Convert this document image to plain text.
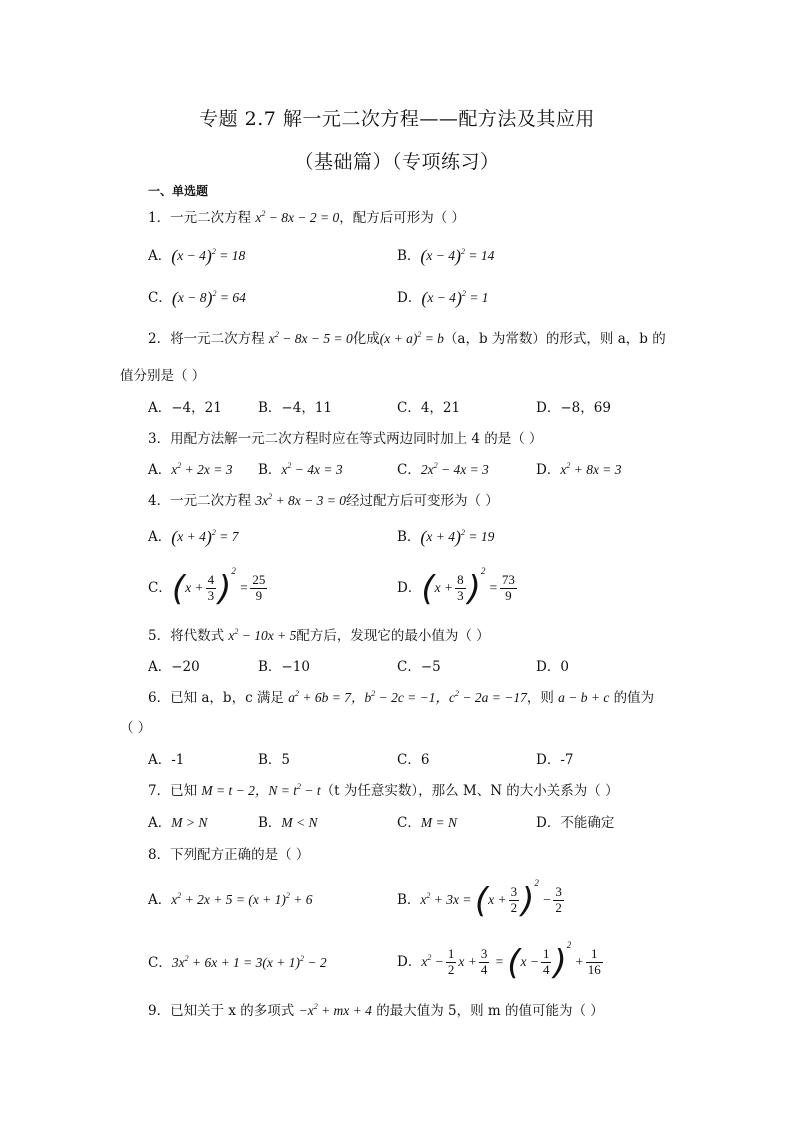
专题 2.7 解一元二次方程——配方法及其应用
（基础篇）（专项练习）
一、单选题
1．一元二次方程 $x^2 - 8x - 2 = 0$，配方后可形为（ ）
A．$(x - 4)^2 = 18$	B．$(x - 4)^2 = 14$
C．$(x - 8)^2 = 64$	D．$(x - 4)^2 = 1$
2．将一元二次方程 $x^2 - 8x - 5 = 0$化成$(x + a)^2 = b(a$，b 为常数）的形式，则 a，b 的
值分别是（ ）
A．−4，21	B．−4，11	C．4，21	D．−8，69
3．用配方法解一元二次方程时应在等式两边同时加上 4 的是（ ）
A．$x^2 + 2x = 3$ B．$x^2 - 4x = 3$	C．$2x^2 - 4x = 3$	D．$x^2 + 8x = 3$
4．一元二次方程 $3x^2 + 8x - 3 = 0$经过配方后可变形为（ ）
A．$(x + 4)^2 = 7$	B．$(x + 4)^2 = 19$
C．$(x + \frac{4}{3} )^2 = \frac{25}{9}$	D．$(x + \frac{8}{3} )^2 = \frac{73}{9}$
5．将代数式 $x^2 - 10x + 5$配方后，发现它的最小值为（ ）
A．−20	B．−10	C．−5	D．0
6．已知 a，b，c 满足 $a^2 + 6b = 7$，$b^2 - 2c = -1$，$c^2 - 2a = -17$，则 a − b + c 的值为
（ ）
A．-1	B．5	C．6	D．-7
7．已知 M = t − 2，$N = t^2 - t(t$ 为任意实数），那么 M、N 的大小关系为（ ）
A．M > N	B．M < N	C．M = N	D．不能确定
8．下列配方正确的是（ ）
A．$x^2 + 2x + 5 = (x + 1)^2 + 6$	B．$x^2 + 3x = (x + \frac{3}{2} )^2 - \frac{3}{2}$
C．$3x^2 + 6x + 1 = 3(x + 1)^2 - 2$	D．$x^2 - \frac{1}{2}$ $x + \frac{3}{4} = (x - \frac{1}{4} )^2 + \frac{1}{16}$
9．已知关于 x 的多项式 $-x^2$ + mx + 4 的最大值为 5，则 m 的值可能为（ ）
